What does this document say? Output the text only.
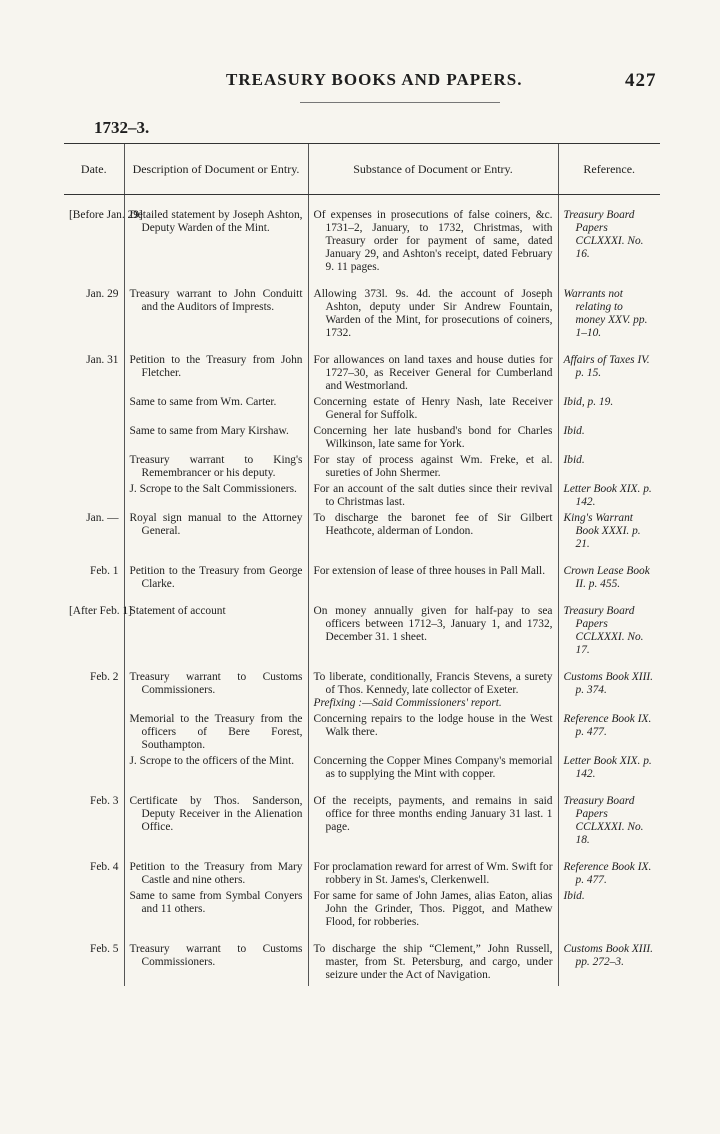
TREASURY BOOKS AND PAPERS.	427
1732–3.
Date.	Description of Document or Entry.	Substance of Document or Entry.	Reference.
[Before Jan. 29]	Detailed statement by Joseph Ashton, Deputy Warden of the Mint.	Of expenses in prosecutions of false coiners, &c. 1731–2, January, to 1732, Christmas, with Treasury order for payment of same, dated January 29, and Ashton's receipt, dated February 9. 11 pages.	Treasury Board Papers CCLXXXI. No. 16.

Jan. 29	Treasury warrant to John Conduitt and the Auditors of Imprests.	Allowing 373l. 9s. 4d. the account of Joseph Ashton, deputy under Sir Andrew Fountain, Warden of the Mint, for prosecutions of coiners, 1732.	Warrants not relating to money XXV. pp. 1–10.

Jan. 31	Petition to the Treasury from John Fletcher.	For allowances on land taxes and house duties for 1727–30, as Receiver General for Cumberland and Westmorland.	Affairs of Taxes IV. p. 15.

	Same to same from Wm. Carter.	Concerning estate of Henry Nash, late Receiver General for Suffolk.	Ibid, p. 19.

	Same to same from Mary Kirshaw.	Concerning her late husband's bond for Charles Wilkinson, late same for York.	Ibid.

	Treasury warrant to King's Remembrancer or his deputy.	For stay of process against Wm. Freke, et al. sureties of John Shermer.	Ibid.

	J. Scrope to the Salt Commissioners.	For an account of the salt duties since their revival to Christmas last.	Letter Book XIX. p. 142.

Jan. —	Royal sign manual to the Attorney General.	To discharge the baronet fee of Sir Gilbert Heathcote, alderman of London.	King's Warrant Book XXXI. p. 21.

Feb. 1	Petition to the Treasury from George Clarke.	For extension of lease of three houses in Pall Mall.	Crown Lease Book II. p. 455.

[After Feb. 1]	Statement of account	On money annually given for half-pay to sea officers between 1712–3, January 1, and 1732, December 31. 1 sheet.	Treasury Board Papers CCLXXXI. No. 17.

Feb. 2	Treasury warrant to Customs Commissioners.	To liberate, conditionally, Francis Stevens, a surety of Thos. Kennedy, late collector of Exeter.
Prefixing :—Said Commissioners' report.	Customs Book XIII. p. 374.

	Memorial to the Treasury from the officers of Bere Forest, Southampton.	Concerning repairs to the lodge house in the West Walk there.	Reference Book IX. p. 477.

	J. Scrope to the officers of the Mint.	Concerning the Copper Mines Company's memorial as to supplying the Mint with copper.	Letter Book XIX. p. 142.

Feb. 3	Certificate by Thos. Sanderson, Deputy Receiver in the Alienation Office.	Of the receipts, payments, and remains in said office for three months ending January 31 last. 1 page.	Treasury Board Papers CCLXXXI. No. 18.

Feb. 4	Petition to the Treasury from Mary Castle and nine others.	For proclamation reward for arrest of Wm. Swift for robbery in St. James's, Clerkenwell.	Reference Book IX. p. 477.

	Same to same from Symbal Conyers and 11 others.	For same for same of John James, alias Eaton, alias John the Grinder, Thos. Piggot, and Mathew Flood, for robberies.	Ibid.

Feb. 5	Treasury warrant to Customs Commissioners.	To discharge the ship “Clement,” John Russell, master, from St. Petersburg, and cargo, under seizure under the Act of Navigation.	Customs Book XIII. pp. 272–3.
